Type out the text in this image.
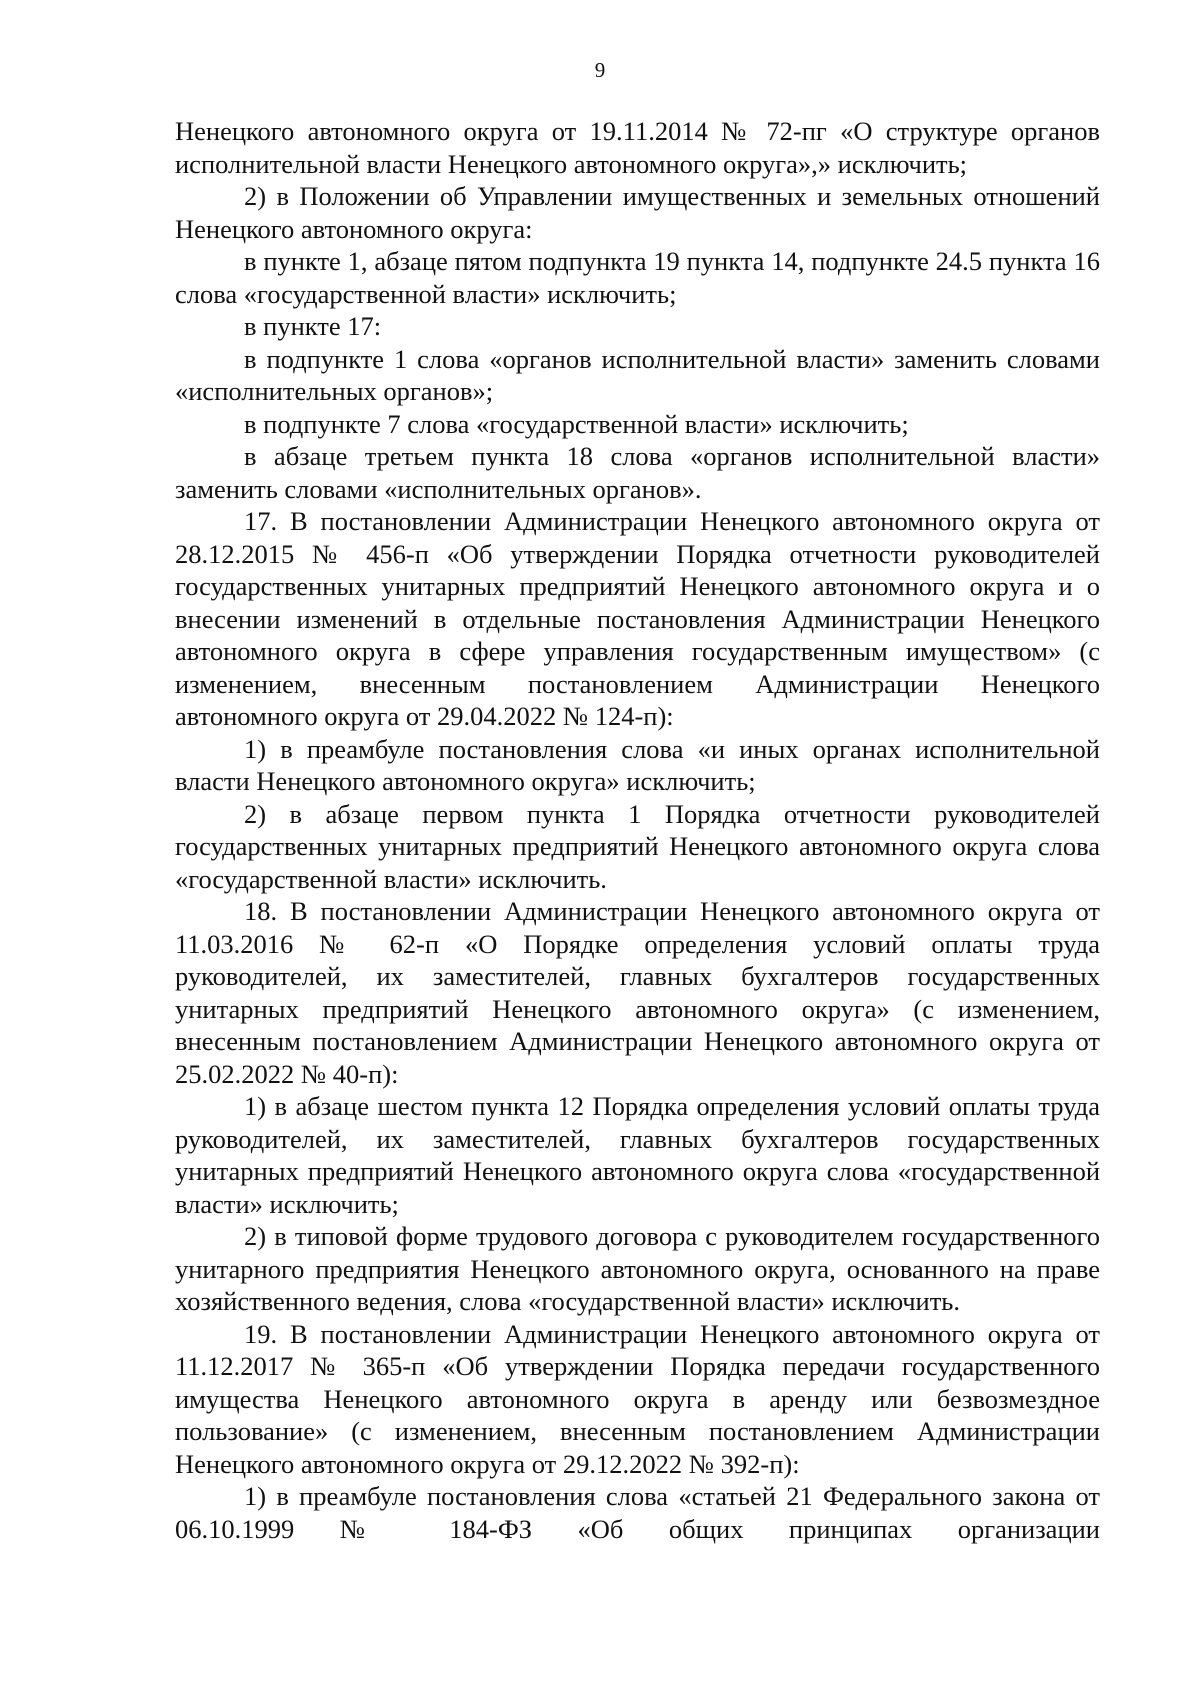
9

Ненецкого автономного округа от 19.11.2014 № 72-пг «О структуре органов исполнительной власти Ненецкого автономного округа»,» исключить;

2) в Положении об Управлении имущественных и земельных отношений Ненецкого автономного округа:

в пункте 1, абзаце пятом подпункта 19 пункта 14, подпункте 24.5 пункта 16 слова «государственной власти» исключить;

в пункте 17:

в подпункте 1 слова «органов исполнительной власти» заменить словами «исполнительных органов»;

в подпункте 7 слова «государственной власти» исключить;

в абзаце третьем пункта 18 слова «органов исполнительной власти» заменить словами «исполнительных органов».

17. В постановлении Администрации Ненецкого автономного округа от 28.12.2015 № 456-п «Об утверждении Порядка отчетности руководителей государственных унитарных предприятий Ненецкого автономного округа и о внесении изменений в отдельные постановления Администрации Ненецкого автономного округа в сфере управления государственным имуществом» (с изменением, внесенным постановлением Администрации Ненецкого автономного округа от 29.04.2022 № 124-п):

1) в преамбуле постановления слова «и иных органах исполнительной власти Ненецкого автономного округа» исключить;

2) в абзаце первом пункта 1 Порядка отчетности руководителей государственных унитарных предприятий Ненецкого автономного округа слова «государственной власти» исключить.

18. В постановлении Администрации Ненецкого автономного округа от 11.03.2016 № 62-п «О Порядке определения условий оплаты труда руководителей, их заместителей, главных бухгалтеров государственных унитарных предприятий Ненецкого автономного округа» (с изменением, внесенным постановлением Администрации Ненецкого автономного округа от 25.02.2022 № 40-п):

1) в абзаце шестом пункта 12 Порядка определения условий оплаты труда руководителей, их заместителей, главных бухгалтеров государственных унитарных предприятий Ненецкого автономного округа слова «государственной власти» исключить;

2) в типовой форме трудового договора с руководителем государственного унитарного предприятия Ненецкого автономного округа, основанного на праве хозяйственного ведения, слова «государственной власти» исключить.

19. В постановлении Администрации Ненецкого автономного округа от 11.12.2017 № 365-п «Об утверждении Порядка передачи государственного имущества Ненецкого автономного округа в аренду или безвозмездное пользование» (с изменением, внесенным постановлением Администрации Ненецкого автономного округа от 29.12.2022 № 392-п):

1) в преамбуле постановления слова «статьей 21 Федерального закона от 06.10.1999 № 184-ФЗ «Об общих принципах организации
